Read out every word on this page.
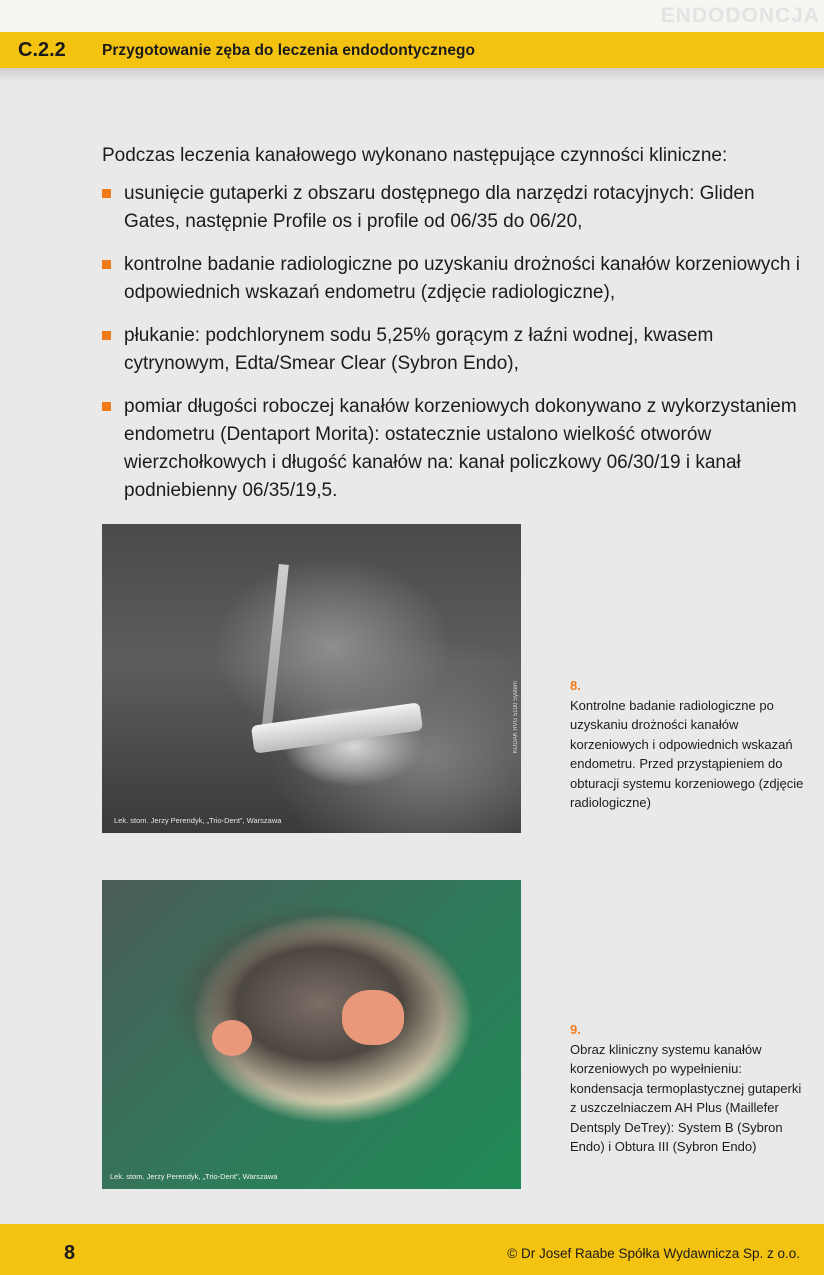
ENDODONCJA
C.2.2 Przygotowanie zęba do leczenia endodontycznego
Podczas leczenia kanałowego wykonano następujące czynności kliniczne:
usunięcie gutaperki z obszaru dostępnego dla narzędzi rotacyjnych: Gliden Gates, następnie Profile os i profile od 06/35 do 06/20,
kontrolne badanie radiologiczne po uzyskaniu drożności kanałów korzeniowych i odpowiednich wskazań endometru (zdjęcie radiologiczne),
płukanie: podchlorynem sodu 5,25% gorącym z łaźni wodnej, kwasem cytrynowym, Edta/Smear Clear (Sybron Endo),
pomiar długości roboczej kanałów korzeniowych dokonywano z wykorzystaniem endometru (Dentaport Morita): ostatecznie ustalono wielkość otworów wierzchołkowych i długość kanałów na: kanał policzkowy 06/30/19 i kanał podniebienny 06/35/19,5.
KODAK RVG 5100 System
Lek. stom. Jerzy Perendyk, „Trio-Dent”, Warszawa
8.
Kontrolne badanie radiologiczne po uzyskaniu drożności kanałów korzeniowych i odpowiednich wskazań endometru. Przed przystąpieniem do obturacji systemu korzeniowego (zdjęcie radiologiczne)
Lek. stom. Jerzy Perendyk, „Trio-Dent”, Warszawa
9.
Obraz kliniczny systemu kanałów korzeniowych po wypełnieniu: kondensacja termoplastycznej gutaperki z uszczelniaczem AH Plus (Maillefer Dentsply DeTrey): System B (Sybron Endo) i Obtura III (Sybron Endo)
8	© Dr Josef Raabe Spółka Wydawnicza Sp. z o.o.
